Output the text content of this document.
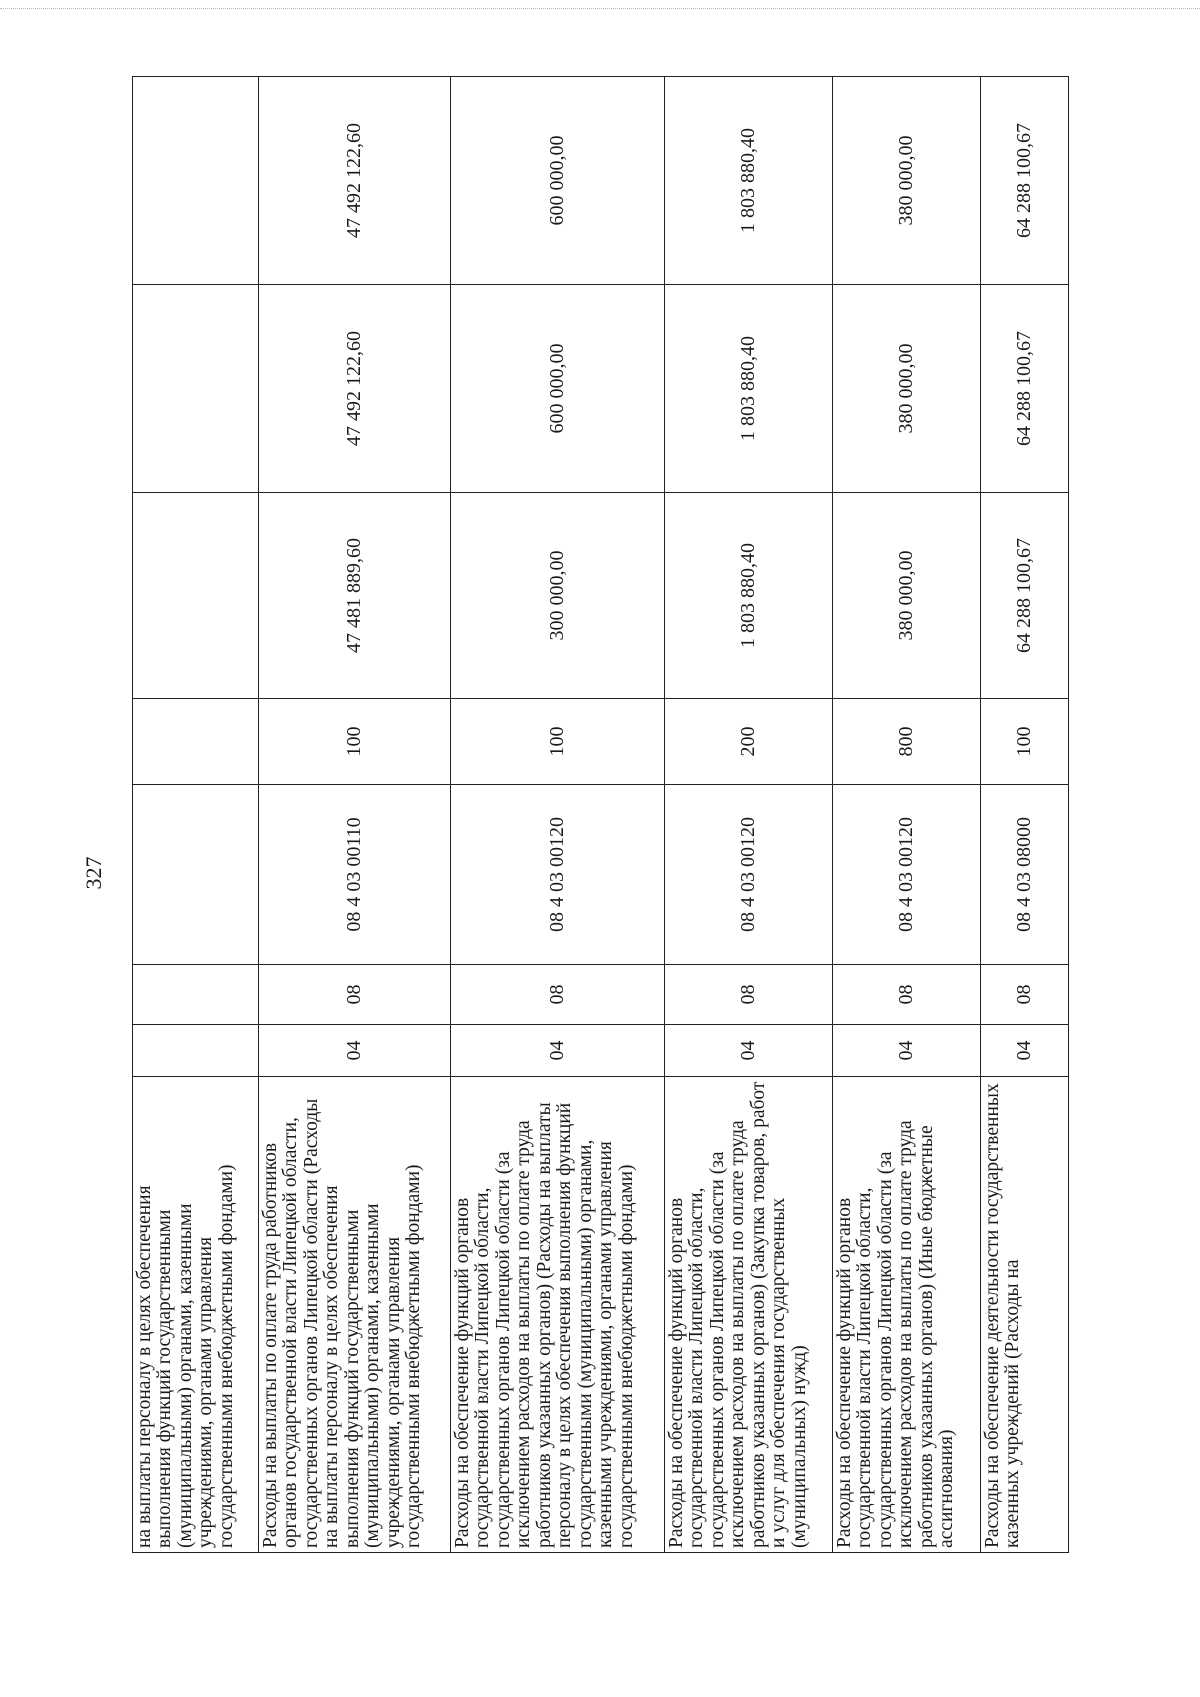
327
на выплаты персоналу в целях обеспечения выполнения функций государственными (муниципальными) органами, казенными учреждениями, органами управления государственными внебюджетными фондами)							
Расходы на выплаты по оплате труда работников органов государственной власти Липецкой области, государственных органов Липецкой области (Расходы на выплаты персоналу в целях обеспечения выполнения функций государственными (муниципальными) органами, казенными учреждениями, органами управления государственными внебюджетными фондами)	04	08	08 4 03 00110	100	47 481 889,60	47 492 122,60	47 492 122,60
Расходы на обеспечение функций органов государственной власти Липецкой области, государственных органов Липецкой области (за исключением расходов на выплаты по оплате труда работников указанных органов) (Расходы на выплаты персоналу в целях обеспечения выполнения функций государственными (муниципальными) органами, казенными учреждениями, органами управления государственными внебюджетными фондами)	04	08	08 4 03 00120	100	300 000,00	600 000,00	600 000,00
Расходы на обеспечение функций органов государственной власти Липецкой области, государственных органов Липецкой области (за исключением расходов на выплаты по оплате труда работников указанных органов) (Закупка товаров, работ и услуг для обеспечения государственных (муниципальных) нужд)	04	08	08 4 03 00120	200	1 803 880,40	1 803 880,40	1 803 880,40
Расходы на обеспечение функций органов государственной власти Липецкой области, государственных органов Липецкой области (за исключением расходов на выплаты по оплате труда работников указанных органов) (Иные бюджетные ассигнования)	04	08	08 4 03 00120	800	380 000,00	380 000,00	380 000,00
Расходы на обеспечение деятельности государственных казенных учреждений (Расходы на	04	08	08 4 03 08000	100	64 288 100,67	64 288 100,67	64 288 100,67
